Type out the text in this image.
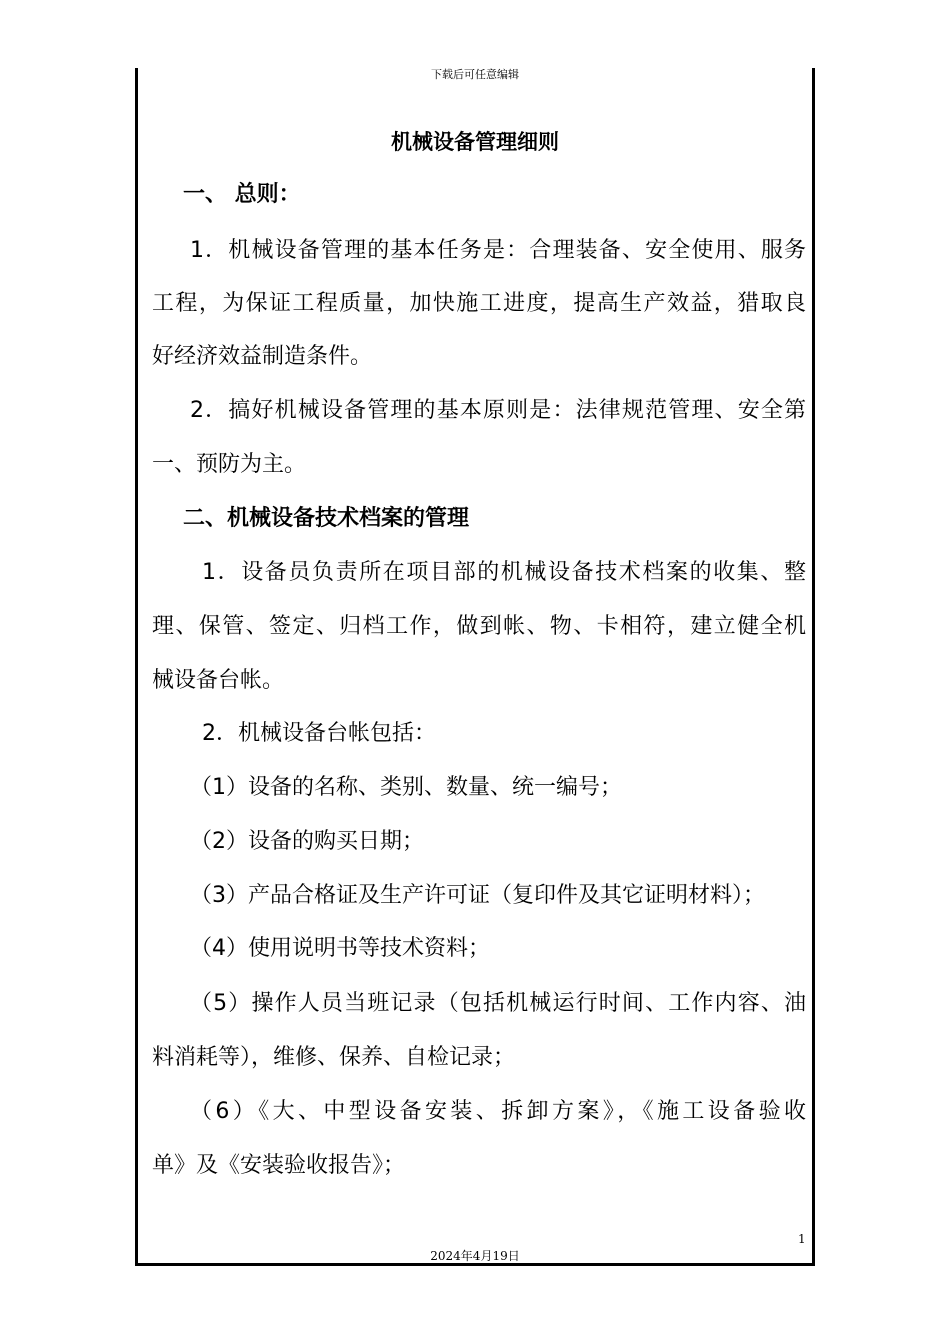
下载后可任意编辑
机械设备管理细则
一、 总则：
1．机械设备管理的基本任务是：合理装备、安全使用、服务
工程，为保证工程质量，加快施工进度，提高生产效益，猎取良
好经济效益制造条件。
2．搞好机械设备管理的基本原则是：法律规范管理、安全第
一、预防为主。
二、机械设备技术档案的管理
1．设备员负责所在项目部的机械设备技术档案的收集、整
理、保管、签定、归档工作，做到帐、物、卡相符，建立健全机
械设备台帐。
2．机械设备台帐包括：
（1）设备的名称、类别、数量、统一编号；
（2）设备的购买日期；
（3）产品合格证及生产许可证（复印件及其它证明材料）；
（4）使用说明书等技术资料；
（5）操作人员当班记录（包括机械运行时间、工作内容、油
料消耗等），维修、保养、自检记录；
（6）《大、中型设备安装、拆卸方案》，《施工设备验收
单》及《安装验收报告》；
1
2024年4月19日
